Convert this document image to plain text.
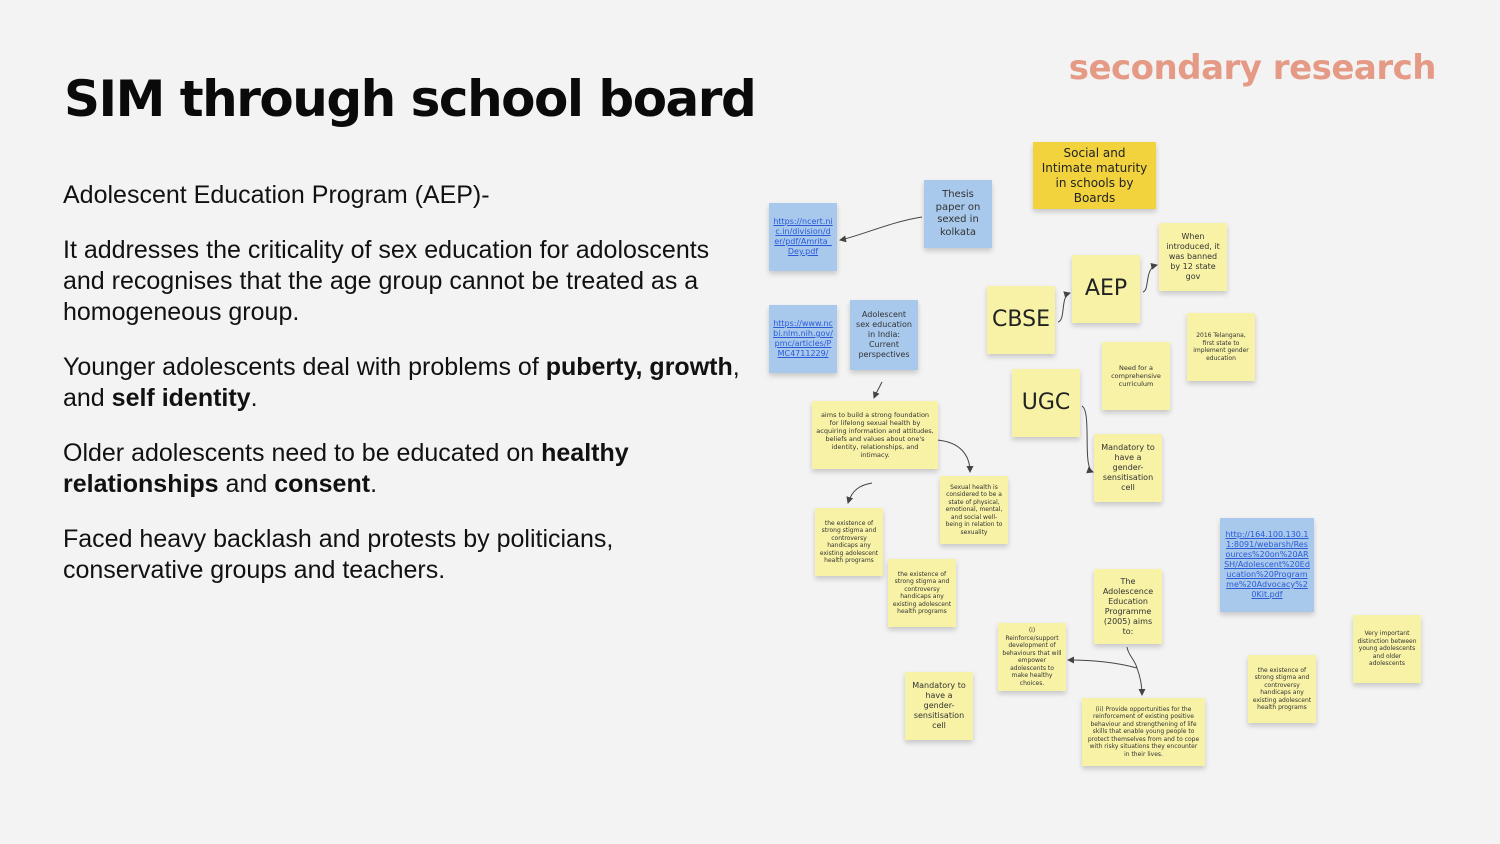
SIM through school board
secondary research

Adolescent Education Program (AEP)-

It addresses the criticality of sex education for adoloscents and recognises that the age group cannot be treated as a homogeneous group.

Younger adolescents deal with problems of puberty, growth, and self identity.

Older adolescents need to be educated on healthy relationships and consent.

Faced heavy backlash and protests by politicians, conservative groups and teachers.

Social and Intimate maturity in schools by Boards
Thesis paper on sexed in kolkata
https://ncert.nic.in/division/der/pdf/Amrita_Dey.pdf
https://www.ncbi.nlm.nih.gov/pmc/articles/PMC4711229/
Adolescent sex education in India: Current perspectives
AEP
CBSE
UGC
When introduced, it was banned by 12 state gov
2016 Telangana, first state to implement gender education
Need for a comprehensive curriculum
Mandatory to have a gender-sensitisation cell
aims to build a strong foundation for lifelong sexual health by acquiring information and attitudes, beliefs and values about one's identity, relationships, and intimacy.
Sexual health is considered to be a state of physical, emotional, mental, and social well-being in relation to sexuality
the existence of strong stigma and controversy handicaps any existing adolescent health programs
the existence of strong stigma and controversy handicaps any existing adolescent health programs
http://164.100.130.11:8091/webarsh/Resources%20on%20ARSH/Adolescent%20Education%20Programme%20Advocacy%20Kit.pdf
The Adolescence Education Programme (2005) aims to:
(i) Reinforce/support development of behaviours that will empower adolescents to make healthy choices.
(ii) Provide opportunities for the reinforcement of existing positive behaviour and strengthening of life skills that enable young people to protect themselves from and to cope with risky situations they encounter in their lives.
Very important distinction between young adolescents and older adolescents
the existence of strong stigma and controversy handicaps any existing adolescent health programs
Mandatory to have a gender-sensitisation cell
